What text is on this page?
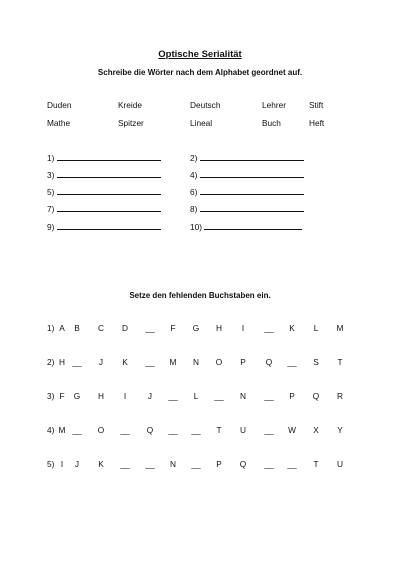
Optische Serialität
Schreibe die Wörter nach dem Alphabet geordnet auf.
Duden	Kreide	Deutsch	Lehrer	Stift
Mathe	Spitzer	Lineal	Buch	Heft
1)	2)
3)	4)
5)	6)
7)	8)
9)	10)
Setze den fehlenden Buchstaben ein.
1) A	B	C	D	__	F	G	H	I	__	K	L	M
2) H __	J	K	__	M	N	O	P	Q	__	S	T
3) F	G	H	I	J	__	L	__	N	__	P	Q	R
4) M __	O	__	Q	__ __	T	U	__	W	X	Y
5) I	J	K	__ __	N	__	P	Q	__ __	T	U
